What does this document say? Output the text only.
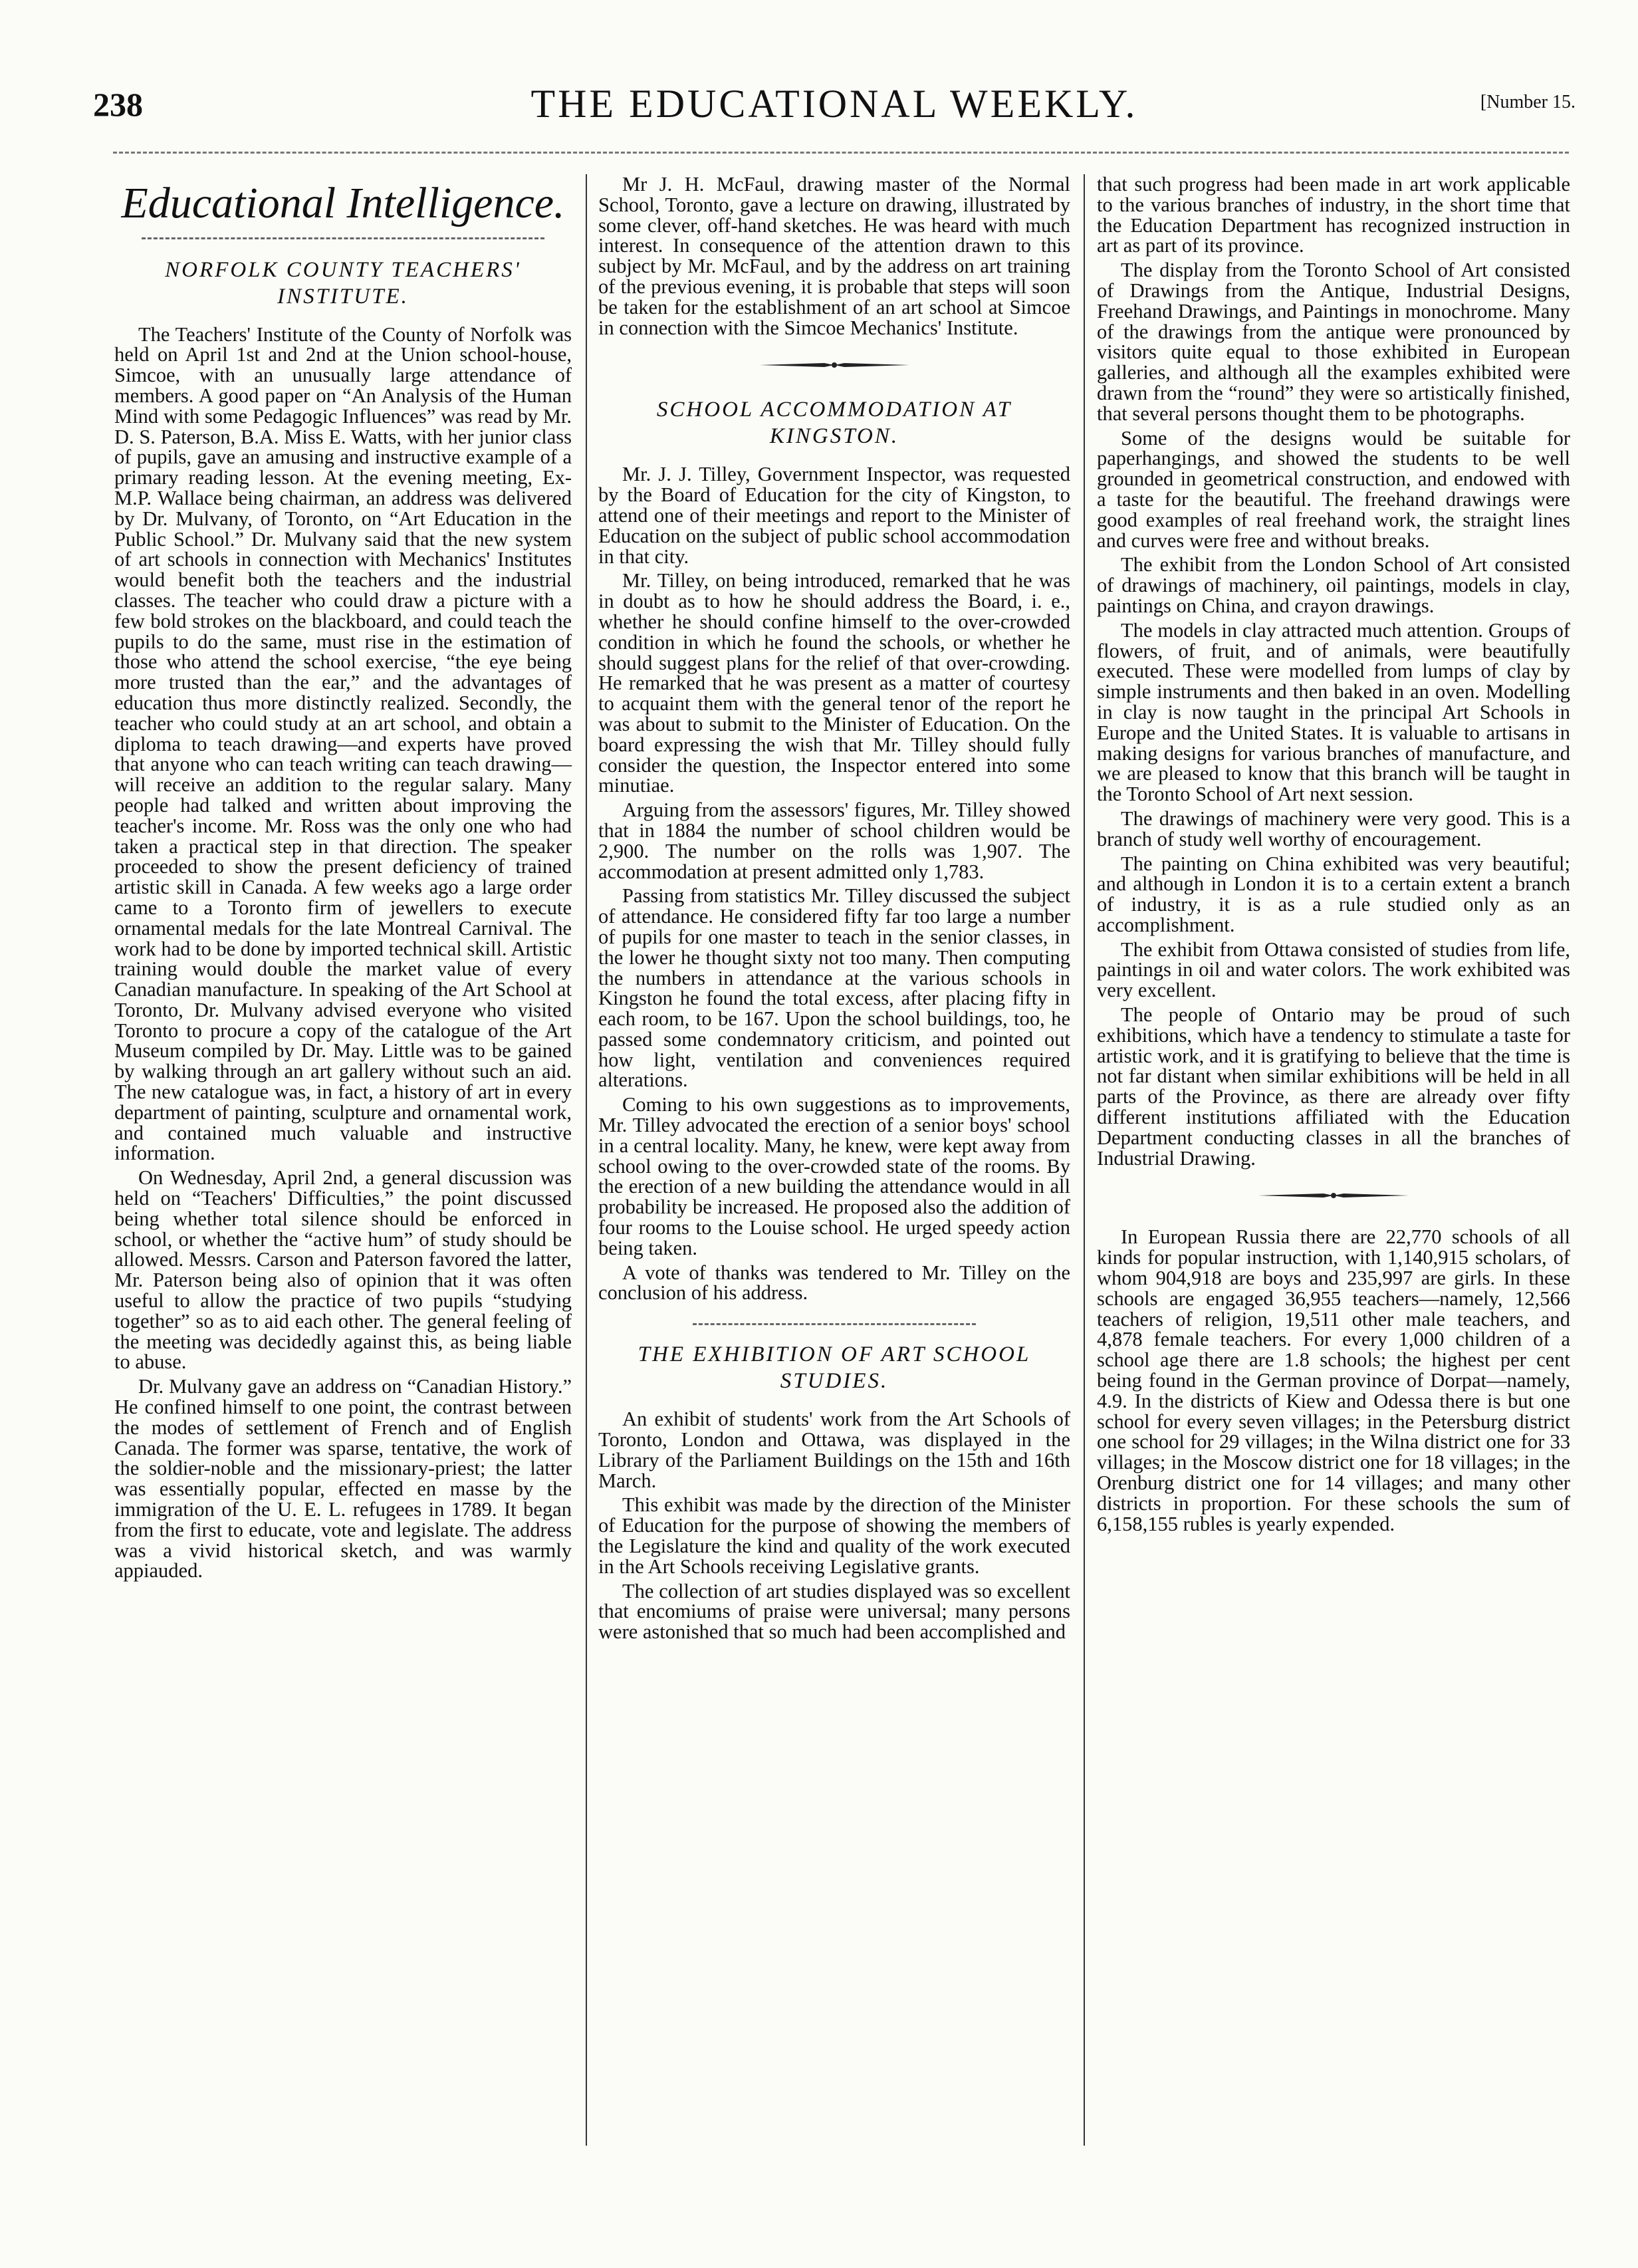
238	THE EDUCATIONAL WEEKLY.	[Number 15.
Educational Intelligence.
NORFOLK COUNTY TEACHERS' INSTITUTE.

The Teachers' Institute of the County of Norfolk was held on April 1st and 2nd at the Union school-house, Simcoe, with an unusually large attendance of members. A good paper on “An Analysis of the Human Mind with some Pedagogic Influences” was read by Mr. D. S. Paterson, B.A. Miss E. Watts, with her junior class of pupils, gave an amusing and instructive example of a primary reading lesson. At the evening meeting, Ex-M.P. Wallace being chairman, an address was delivered by Dr. Mulvany, of Toronto, on “Art Education in the Public School.” Dr. Mulvany said that the new system of art schools in connection with Mechanics' Institutes would benefit both the teachers and the industrial classes. The teacher who could draw a picture with a few bold strokes on the blackboard, and could teach the pupils to do the same, must rise in the estimation of those who attend the school exercise, “the eye being more trusted than the ear,” and the advantages of education thus more distinctly realized. Secondly, the teacher who could study at an art school, and obtain a diploma to teach drawing—and experts have proved that anyone who can teach writing can teach drawing—will receive an addition to the regular salary. Many people had talked and written about improving the teacher's income. Mr. Ross was the only one who had taken a practical step in that direction. The speaker proceeded to show the present deficiency of trained artistic skill in Canada. A few weeks ago a large order came to a Toronto firm of jewellers to execute ornamental medals for the late Montreal Carnival. The work had to be done by imported technical skill. Artistic training would double the market value of every Canadian manufacture. In speaking of the Art School at Toronto, Dr. Mulvany advised everyone who visited Toronto to procure a copy of the catalogue of the Art Museum compiled by Dr. May. Little was to be gained by walking through an art gallery without such an aid. The new catalogue was, in fact, a history of art in every department of painting, sculpture and ornamental work, and contained much valuable and instructive information.

On Wednesday, April 2nd, a general discussion was held on “Teachers' Difficulties,” the point discussed being whether total silence should be enforced in school, or whether the “active hum” of study should be allowed. Messrs. Carson and Paterson favored the latter, Mr. Paterson being also of opinion that it was often useful to allow the practice of two pupils “studying together” so as to aid each other. The general feeling of the meeting was decidedly against this, as being liable to abuse.

Dr. Mulvany gave an address on “Canadian History.” He confined himself to one point, the contrast between the modes of settlement of French and of English Canada. The former was sparse, tentative, the work of the soldier-noble and the missionary-priest; the latter was essentially popular, effected en masse by the immigration of the U. E. L. refugees in 1789. It began from the first to educate, vote and legislate. The address was a vivid historical sketch, and was warmly appiauded.

Mr J. H. McFaul, drawing master of the Normal School, Toronto, gave a lecture on drawing, illustrated by some clever, off-hand sketches. He was heard with much interest. In consequence of the attention drawn to this subject by Mr. McFaul, and by the address on art training of the previous evening, it is probable that steps will soon be taken for the establishment of an art school at Simcoe in connection with the Simcoe Mechanics' Institute.

SCHOOL ACCOMMODATION AT KINGSTON.

Mr. J. J. Tilley, Government Inspector, was requested by the Board of Education for the city of Kingston, to attend one of their meetings and report to the Minister of Education on the subject of public school accommodation in that city.

Mr. Tilley, on being introduced, remarked that he was in doubt as to how he should address the Board, i. e., whether he should confine himself to the over-crowded condition in which he found the schools, or whether he should suggest plans for the relief of that over-crowding. He remarked that he was present as a matter of courtesy to acquaint them with the general tenor of the report he was about to submit to the Minister of Education. On the board expressing the wish that Mr. Tilley should fully consider the question, the Inspector entered into some minutiae.

Arguing from the assessors' figures, Mr. Tilley showed that in 1884 the number of school children would be 2,900. The number on the rolls was 1,907. The accommodation at present admitted only 1,783.

Passing from statistics Mr. Tilley discussed the subject of attendance. He considered fifty far too large a number of pupils for one master to teach in the senior classes, in the lower he thought sixty not too many. Then computing the numbers in attendance at the various schools in Kingston he found the total excess, after placing fifty in each room, to be 167. Upon the school buildings, too, he passed some condemnatory criticism, and pointed out how light, ventilation and conveniences required alterations.

Coming to his own suggestions as to improvements, Mr. Tilley advocated the erection of a senior boys' school in a central locality. Many, he knew, were kept away from school owing to the over-crowded state of the rooms. By the erection of a new building the attendance would in all probability be increased. He proposed also the addition of four rooms to the Louise school. He urged speedy action being taken.

A vote of thanks was tendered to Mr. Tilley on the conclusion of his address.

THE EXHIBITION OF ART SCHOOL STUDIES.

An exhibit of students' work from the Art Schools of Toronto, London and Ottawa, was displayed in the Library of the Parliament Buildings on the 15th and 16th March.

This exhibit was made by the direction of the Minister of Education for the purpose of showing the members of the Legislature the kind and quality of the work executed in the Art Schools receiving Legislative grants.

The collection of art studies displayed was so excellent that encomiums of praise were universal; many persons were astonished that so much had been accomplished and

that such progress had been made in art work applicable to the various branches of industry, in the short time that the Education Department has recognized instruction in art as part of its province.

The display from the Toronto School of Art consisted of Drawings from the Antique, Industrial Designs, Freehand Drawings, and Paintings in monochrome. Many of the drawings from the antique were pronounced by visitors quite equal to those exhibited in European galleries, and although all the examples exhibited were drawn from the “round” they were so artistically finished, that several persons thought them to be photographs.

Some of the designs would be suitable for paperhangings, and showed the students to be well grounded in geometrical construction, and endowed with a taste for the beautiful. The freehand drawings were good examples of real freehand work, the straight lines and curves were free and without breaks.

The exhibit from the London School of Art consisted of drawings of machinery, oil paintings, models in clay, paintings on China, and crayon drawings.

The models in clay attracted much attention. Groups of flowers, of fruit, and of animals, were beautifully executed. These were modelled from lumps of clay by simple instruments and then baked in an oven. Modelling in clay is now taught in the principal Art Schools in Europe and the United States. It is valuable to artisans in making designs for various branches of manufacture, and we are pleased to know that this branch will be taught in the Toronto School of Art next session.

The drawings of machinery were very good. This is a branch of study well worthy of encouragement.

The painting on China exhibited was very beautiful; and although in London it is to a certain extent a branch of industry, it is as a rule studied only as an accomplishment.

The exhibit from Ottawa consisted of studies from life, paintings in oil and water colors. The work exhibited was very excellent.

The people of Ontario may be proud of such exhibitions, which have a tendency to stimulate a taste for artistic work, and it is gratifying to believe that the time is not far distant when similar exhibitions will be held in all parts of the Province, as there are already over fifty different institutions affiliated with the Education Department conducting classes in all the branches of Industrial Drawing.

In European Russia there are 22,770 schools of all kinds for popular instruction, with 1,140,915 scholars, of whom 904,918 are boys and 235,997 are girls. In these schools are engaged 36,955 teachers—namely, 12,566 teachers of religion, 19,511 other male teachers, and 4,878 female teachers. For every 1,000 children of a school age there are 1.8 schools; the highest per cent being found in the German province of Dorpat—namely, 4.9. In the districts of Kiew and Odessa there is but one school for every seven villages; in the Petersburg district one school for 29 villages; in the Wilna district one for 33 villages; in the Moscow district one for 18 villages; in the Orenburg district one for 14 villages; and many other districts in proportion. For these schools the sum of 6,158,155 rubles is yearly expended.
